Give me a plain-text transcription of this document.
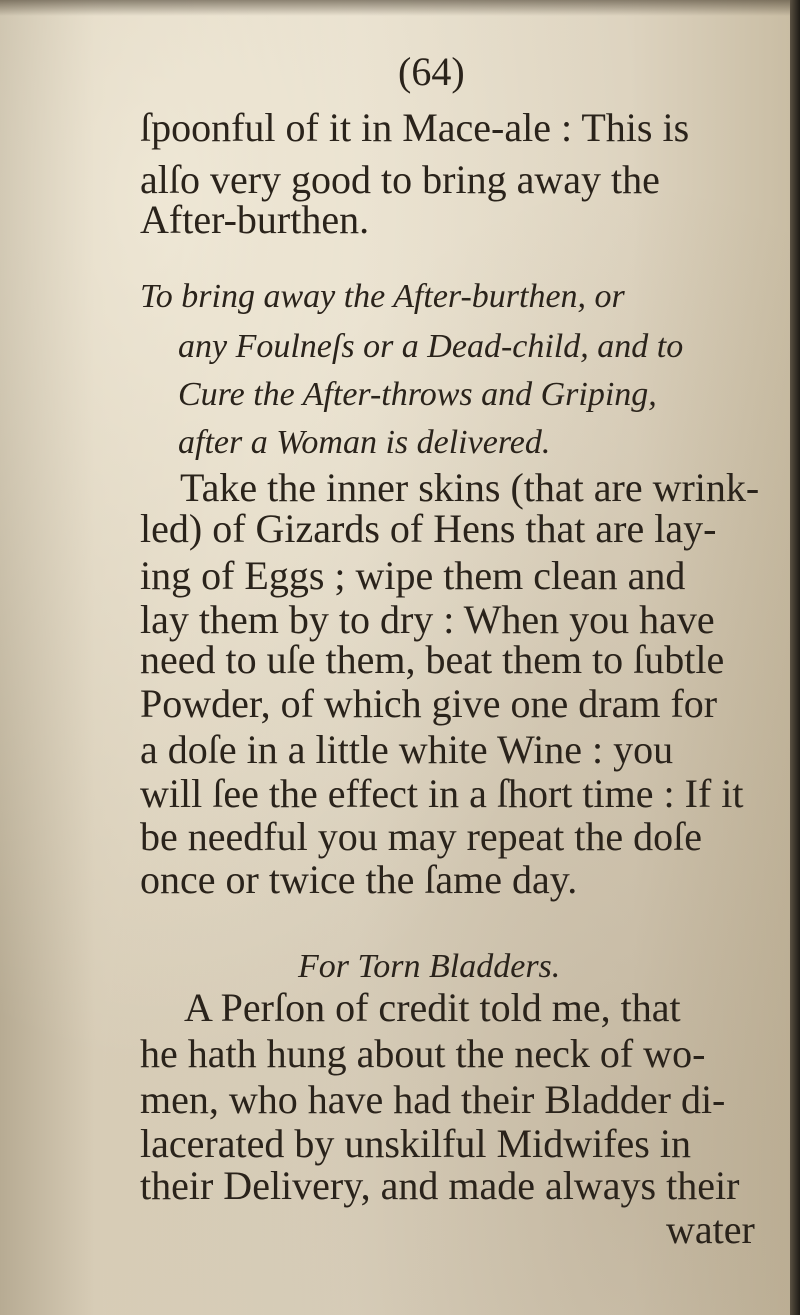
(64)

ſpoonful of it in Mace-ale : This is

alſo very good to bring away the

After-burthen.

To bring away the After-burthen, or

any Foulneſs or a Dead-child, and to

Cure the After-throws and Griping,

after a Woman is delivered.

Take the inner skins (that are wrink-

led) of Gizards of Hens that are lay-

ing of Eggs ; wipe them clean and

lay them by to dry : When you have

need to uſe them, beat them to ſubtle

Powder, of which give one dram for

a doſe in a little white Wine : you

will ſee the effect in a ſhort time : If it

be needful you may repeat the doſe

once or twice the ſame day.

For Torn Bladders.

A Perſon of credit told me, that

he hath hung about the neck of wo-

men, who have had their Bladder di-

lacerated by unskilful Midwifes in

their Delivery, and made always their

water
